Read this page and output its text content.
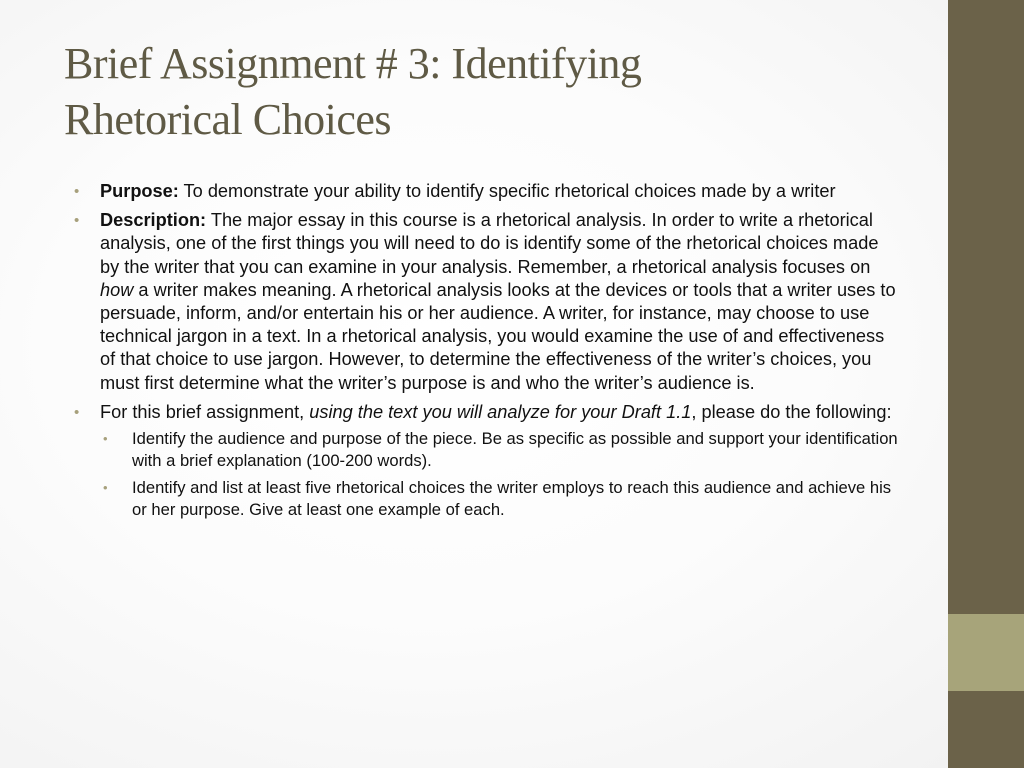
Brief Assignment # 3: Identifying
Rhetorical Choices
• Purpose: To demonstrate your ability to identify specific rhetorical choices made by a writer
• Description: The major essay in this course is a rhetorical analysis. In order to write a rhetorical analysis, one of the first things you will need to do is identify some of the rhetorical choices made by the writer that you can examine in your analysis. Remember, a rhetorical analysis focuses on how a writer makes meaning. A rhetorical analysis looks at the devices or tools that a writer uses to persuade, inform, and/or entertain his or her audience. A writer, for instance, may choose to use technical jargon in a text. In a rhetorical analysis, you would examine the use of and effectiveness of that choice to use jargon. However, to determine the effectiveness of the writer’s choices, you must first determine what the writer’s purpose is and who the writer’s audience is.
• For this brief assignment, using the text you will analyze for your Draft 1.1, please do the following:
• Identify the audience and purpose of the piece. Be as specific as possible and support your identification with a brief explanation (100-200 words).
• Identify and list at least five rhetorical choices the writer employs to reach this audience and achieve his or her purpose. Give at least one example of each.
